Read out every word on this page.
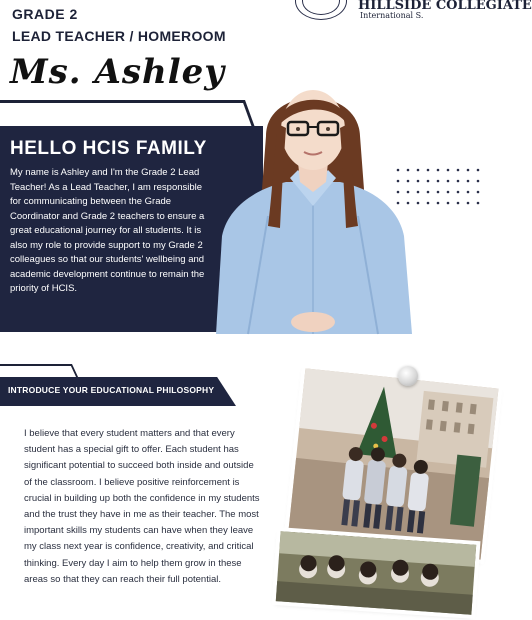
GRADE 2
LEAD TEACHER / HOMEROOM
Ms. Ashley
HILLSIDE COLLEGIATE
International S.
HELLO HCIS FAMILY
My name is Ashley and I'm the Grade 2 Lead Teacher! As a Lead Teacher, I am responsible for communicating between the Grade Coordinator and Grade 2 teachers to ensure a great educational journey for all students. It is also my role to provide support to my Grade 2 colleagues so that our students' wellbeing and academic development continue to remain the priority of HCIS.
INTRODUCE YOUR EDUCATIONAL PHILOSOPHY
I believe that every student matters and that every student has a special gift to offer. Each student has significant potential to succeed both inside and outside of the classroom. I believe positive reinforcement is crucial in building up both the confidence in my students and the trust they have in me as their teacher. The most important skills my students can have when they leave my class next year is confidence, creativity, and critical thinking. Every day I aim to help them grow in these areas so that they can reach their full potential.
